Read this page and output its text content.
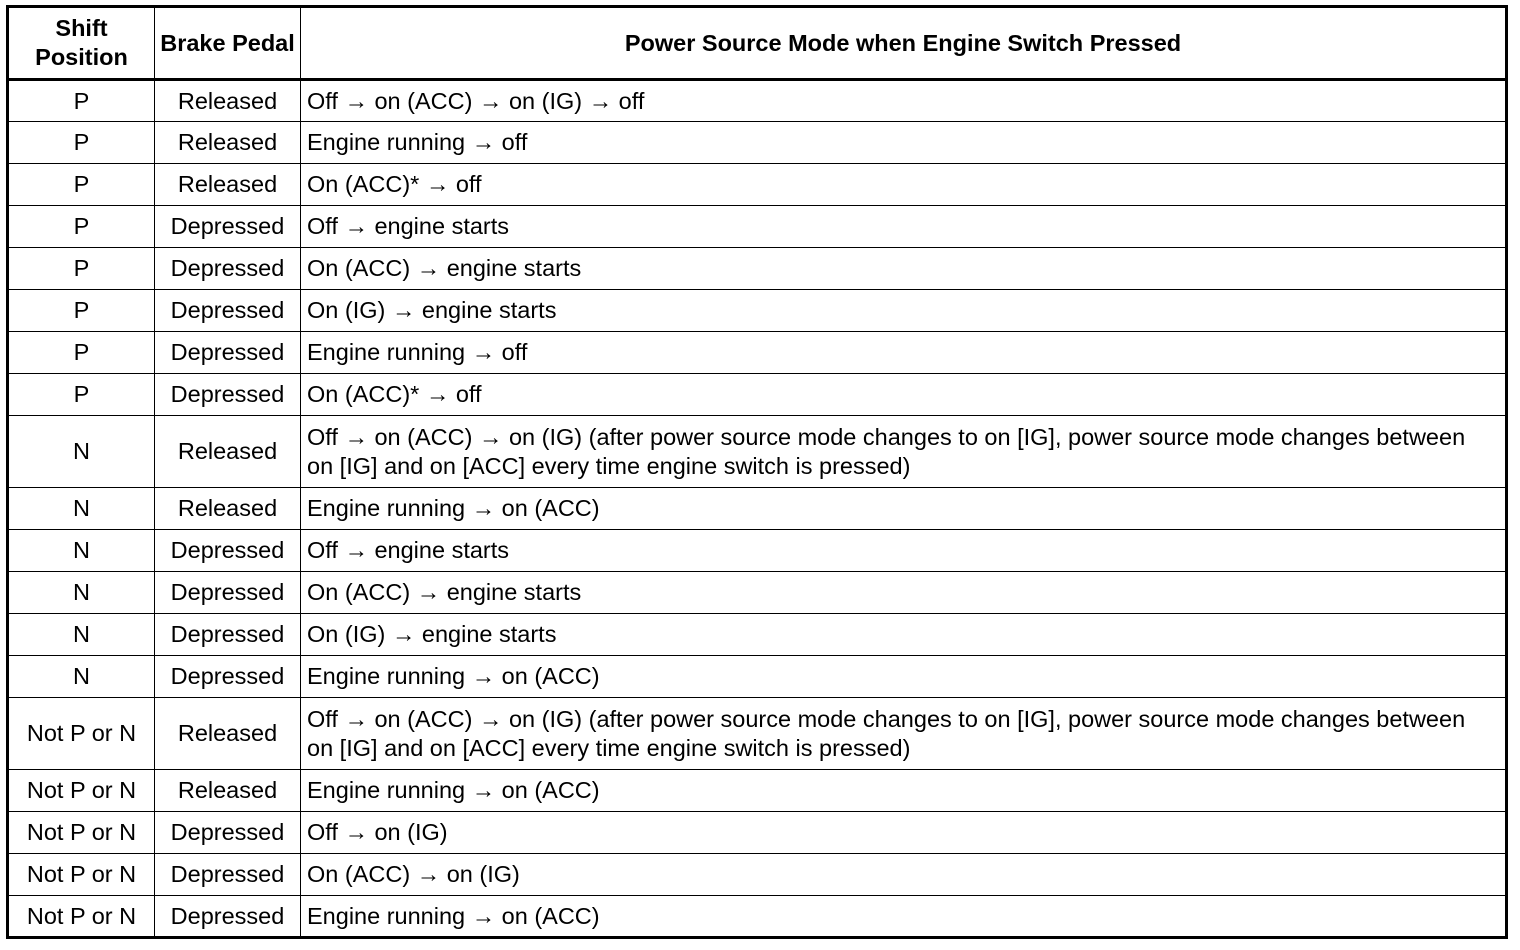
Shift Position	Brake Pedal	Power Source Mode when Engine Switch Pressed
P	Released	Off → on (ACC) → on (IG) → off
P	Released	Engine running → off
P	Released	On (ACC)* → off
P	Depressed	Off → engine starts
P	Depressed	On (ACC) → engine starts
P	Depressed	On (IG) → engine starts
P	Depressed	Engine running → off
P	Depressed	On (ACC)* → off
N	Released	Off → on (ACC) → on (IG) (after power source mode changes to on [IG], power source mode changes between on [IG] and on [ACC] every time engine switch is pressed)
N	Released	Engine running → on (ACC)
N	Depressed	Off → engine starts
N	Depressed	On (ACC) → engine starts
N	Depressed	On (IG) → engine starts
N	Depressed	Engine running → on (ACC)
Not P or N	Released	Off → on (ACC) → on (IG) (after power source mode changes to on [IG], power source mode changes between on [IG] and on [ACC] every time engine switch is pressed)
Not P or N	Released	Engine running → on (ACC)
Not P or N	Depressed	Off → on (IG)
Not P or N	Depressed	On (ACC) → on (IG)
Not P or N	Depressed	Engine running → on (ACC)
